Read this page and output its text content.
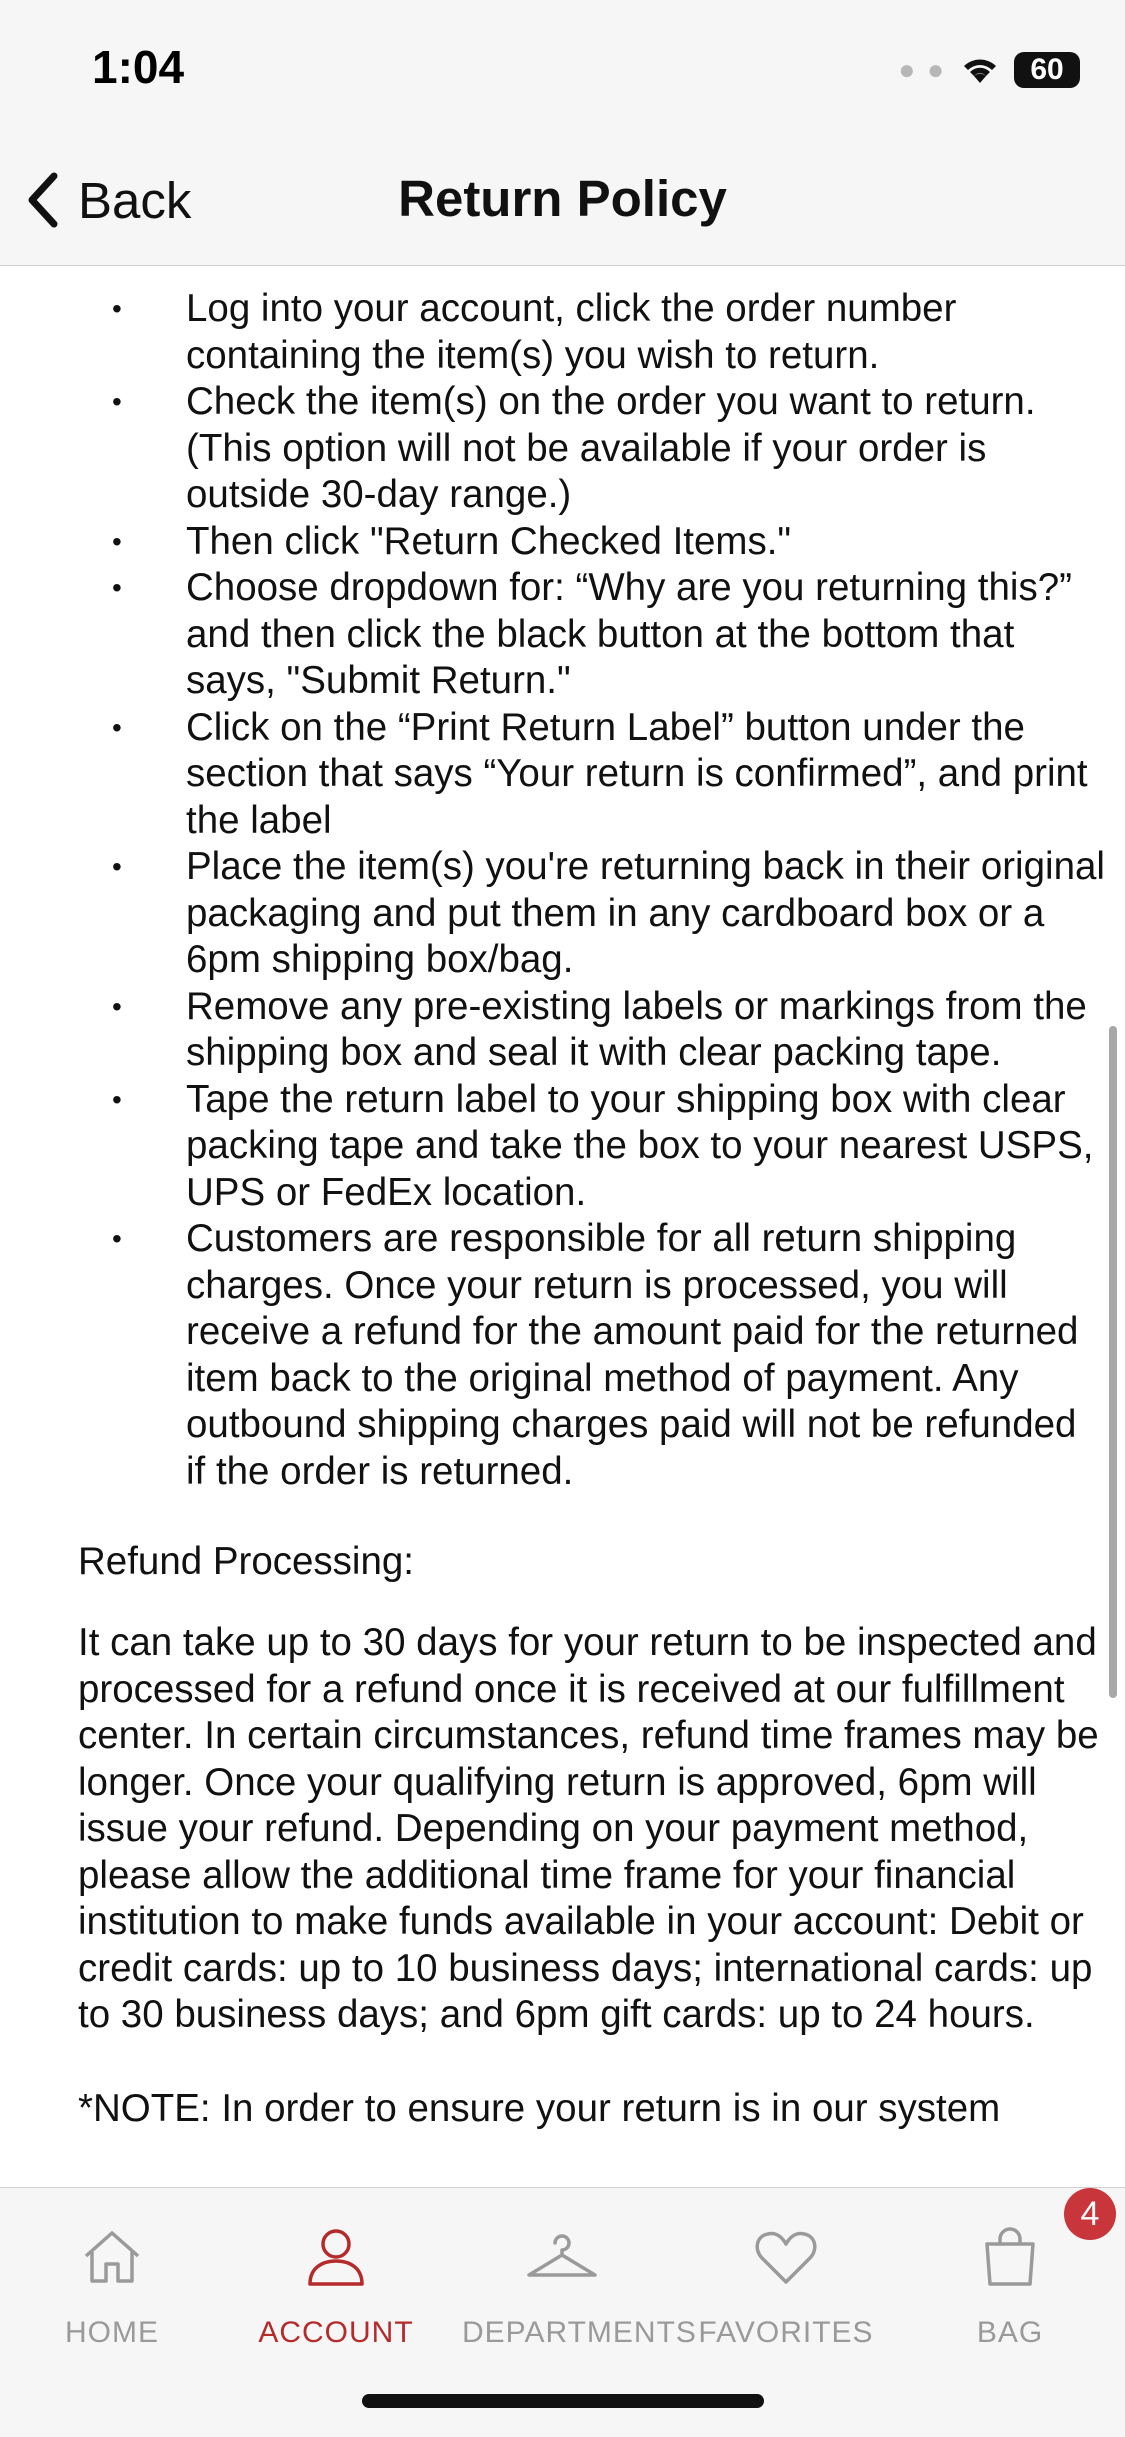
1:04	● ●	60
Back	Return Policy
• Log into your account, click the order number containing the item(s) you wish to return.
• Check the item(s) on the order you want to return. (This option will not be available if your order is outside 30-day range.)
• Then click "Return Checked Items."
• Choose dropdown for: “Why are you returning this?” and then click the black button at the bottom that says, "Submit Return."
• Click on the “Print Return Label” button under the section that says “Your return is confirmed”, and print the label
• Place the item(s) you're returning back in their original packaging and put them in any cardboard box or a 6pm shipping box/bag.
• Remove any pre-existing labels or markings from the shipping box and seal it with clear packing tape.
• Tape the return label to your shipping box with clear packing tape and take the box to your nearest USPS, UPS or FedEx location.
• Customers are responsible for all return shipping charges. Once your return is processed, you will receive a refund for the amount paid for the returned item back to the original method of payment. Any outbound shipping charges paid will not be refunded if the order is returned.
Refund Processing:

It can take up to 30 days for your return to be inspected and processed for a refund once it is received at our fulfillment center. In certain circumstances, refund time frames may be longer. Once your qualifying return is approved, 6pm will issue your refund. Depending on your payment method, please allow the additional time frame for your financial institution to make funds available in your account: Debit or credit cards: up to 10 business days; international cards: up to 30 business days; and 6pm gift cards: up to 24 hours.

*NOTE: In order to ensure your return is in our system

HOME	ACCOUNT	DEPARTMENTS FAVORITES
4
BAG
